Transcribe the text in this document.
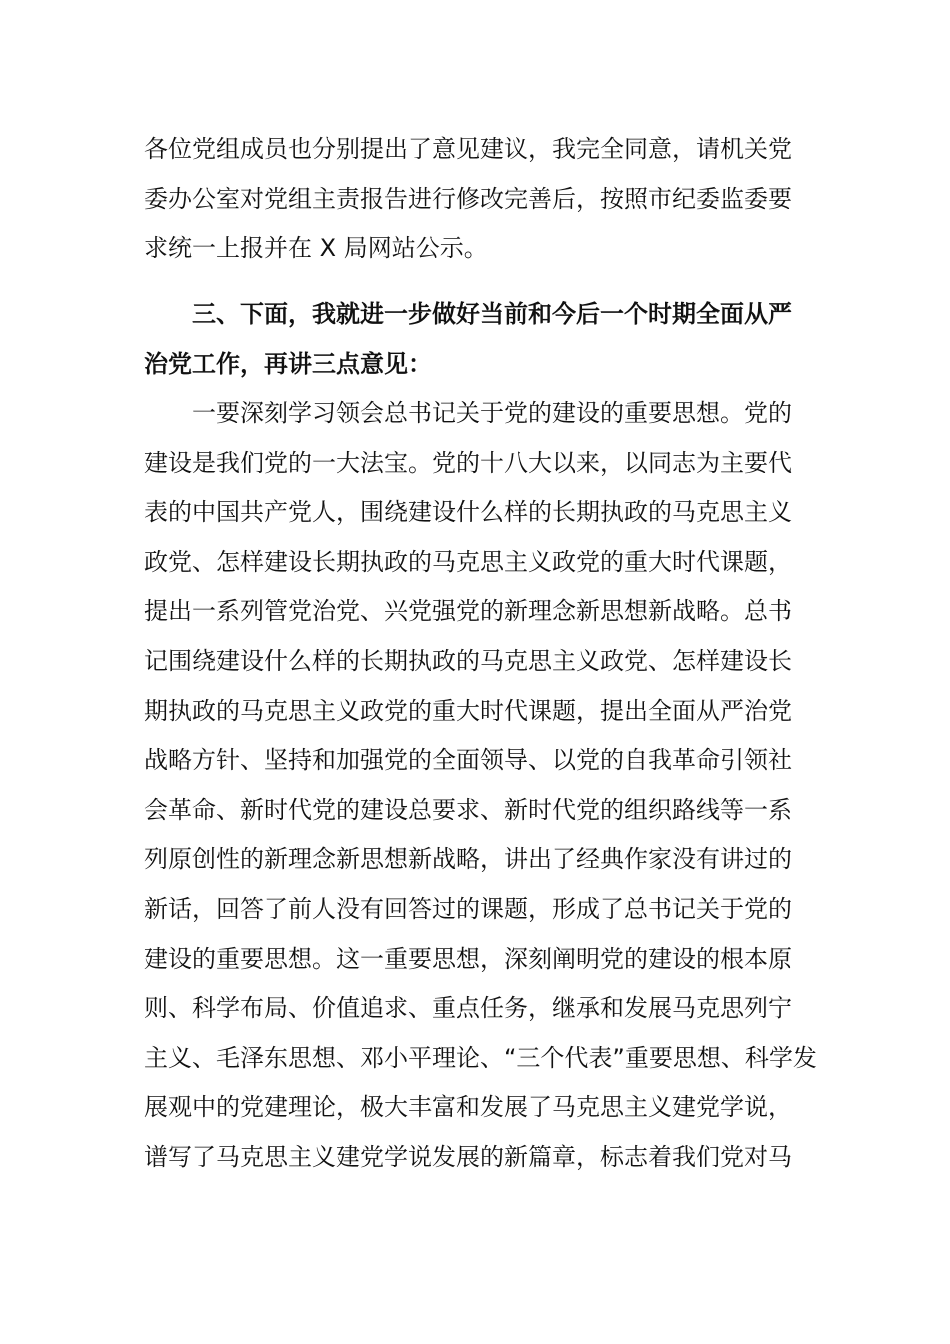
各位党组成员也分别提出了意见建议，我完全同意，请机关党
委办公室对党组主责报告进行修改完善后，按照市纪委监委要
求统一上报并在 X 局网站公示。
　　三、下面，我就进一步做好当前和今后一个时期全面从严
治党工作，再讲三点意见：
　　一要深刻学习领会总书记关于党的建设的重要思想。党的
建设是我们党的一大法宝。党的十八大以来，以同志为主要代
表的中国共产党人，围绕建设什么样的长期执政的马克思主义
政党、怎样建设长期执政的马克思主义政党的重大时代课题，
提出一系列管党治党、兴党强党的新理念新思想新战略。总书
记围绕建设什么样的长期执政的马克思主义政党、怎样建设长
期执政的马克思主义政党的重大时代课题，提出全面从严治党
战略方针、坚持和加强党的全面领导、以党的自我革命引领社
会革命、新时代党的建设总要求、新时代党的组织路线等一系
列原创性的新理念新思想新战略，讲出了经典作家没有讲过的
新话，回答了前人没有回答过的课题，形成了总书记关于党的
建设的重要思想。这一重要思想，深刻阐明党的建设的根本原
则、科学布局、价值追求、重点任务，继承和发展马克思列宁
主义、毛泽东思想、邓小平理论、“三个代表”重要思想、科学发
展观中的党建理论，极大丰富和发展了马克思主义建党学说，
谱写了马克思主义建党学说发展的新篇章，标志着我们党对马
